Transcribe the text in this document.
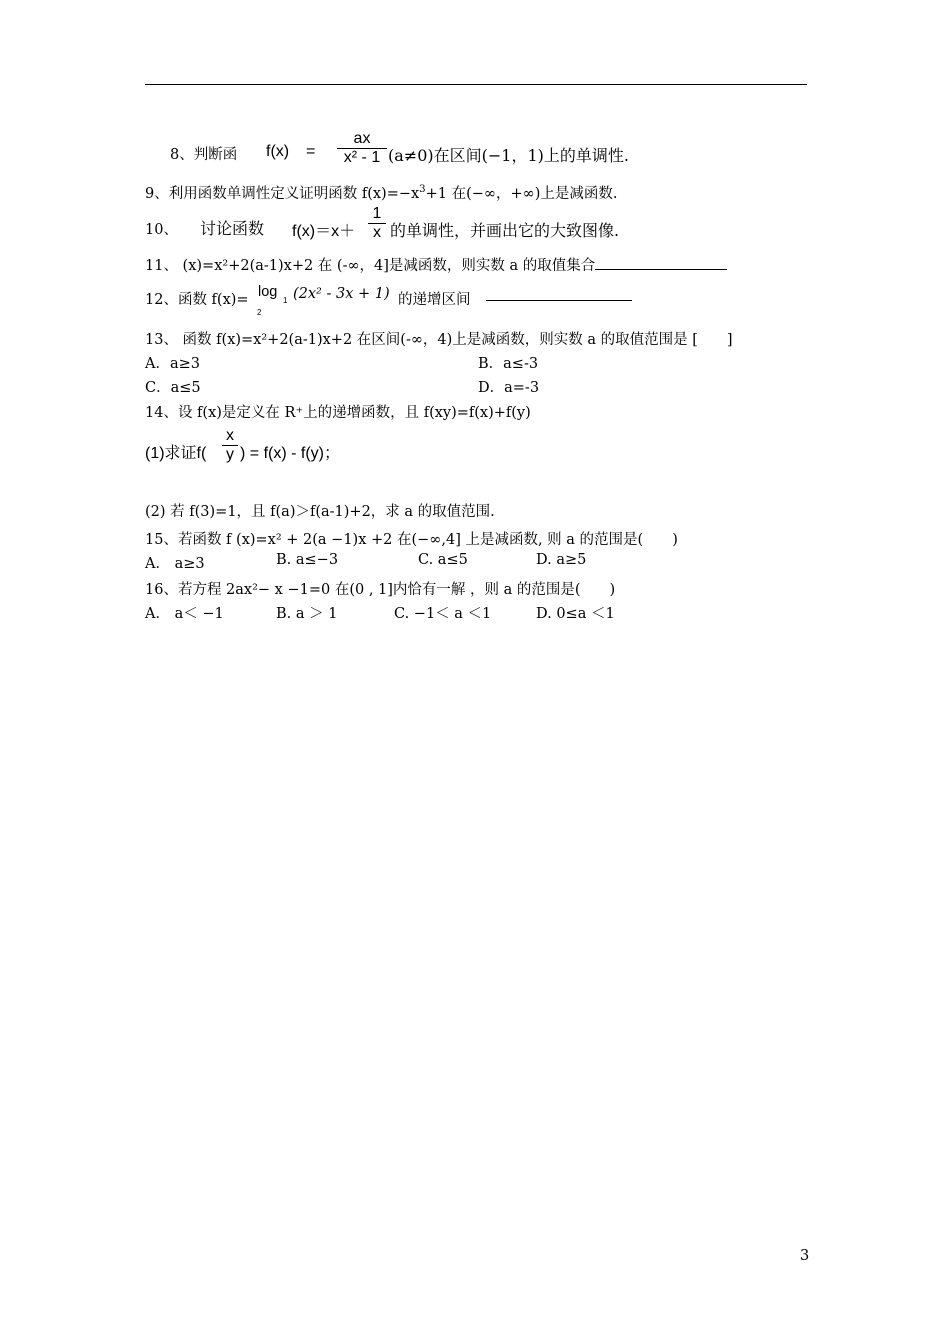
8、判断函 $f(x) = \frac{ax}{\text{x² - 1}} (a\ne 0)$在区间(−1，1)上的单调性.
9、利用函数单调性定义证明函数 $f(x)=-x^3+1$ 在(−∞，+∞)上是减函数.
10、 讨论函数 $f(x)=x+ \frac{1}{x}$ 的单调性，并画出它的大致图像.
11、 (x)=x²+2(a-1)x+2 在 (-∞，4]是减函数，则实数 a 的取值集合
12、函数 f(x)= log
1
2
(2x² - 3x + 1) 的递增区间
13、 函数 f(x)=x²+2(a-1)x+2 在区间(-∞，4)上是减函数，则实数 a 的取值范围是 [　　]
A．a≥3	B．a≤-3
C．a≤5	D．a=-3
14、设 f(x)是定义在 R⁺上的递增函数，且 f(xy)=f(x)+f(y)
(1)求证$f( \frac{x}{y}$ ) = f(x) - f(y)；
(2) 若 f(3)=1，且 f(a)＞f(a-1)+2，求 a 的取值范围.
15、若函数 f (x)=x² + 2(a −1)x +2 在(−∞,4] 上是减函数, 则 a 的范围是(　　)
A． a≥3	B. a≤−3	C. a≤5	D. a≥5
16、若方程 2ax²− x −1=0 在(0 , 1]内恰有一解 ，则 a 的范围是(　　)
A． a＜ −1	B. a ＞ 1	C. −1＜ a ＜1	D. 0≤a ＜1
3
